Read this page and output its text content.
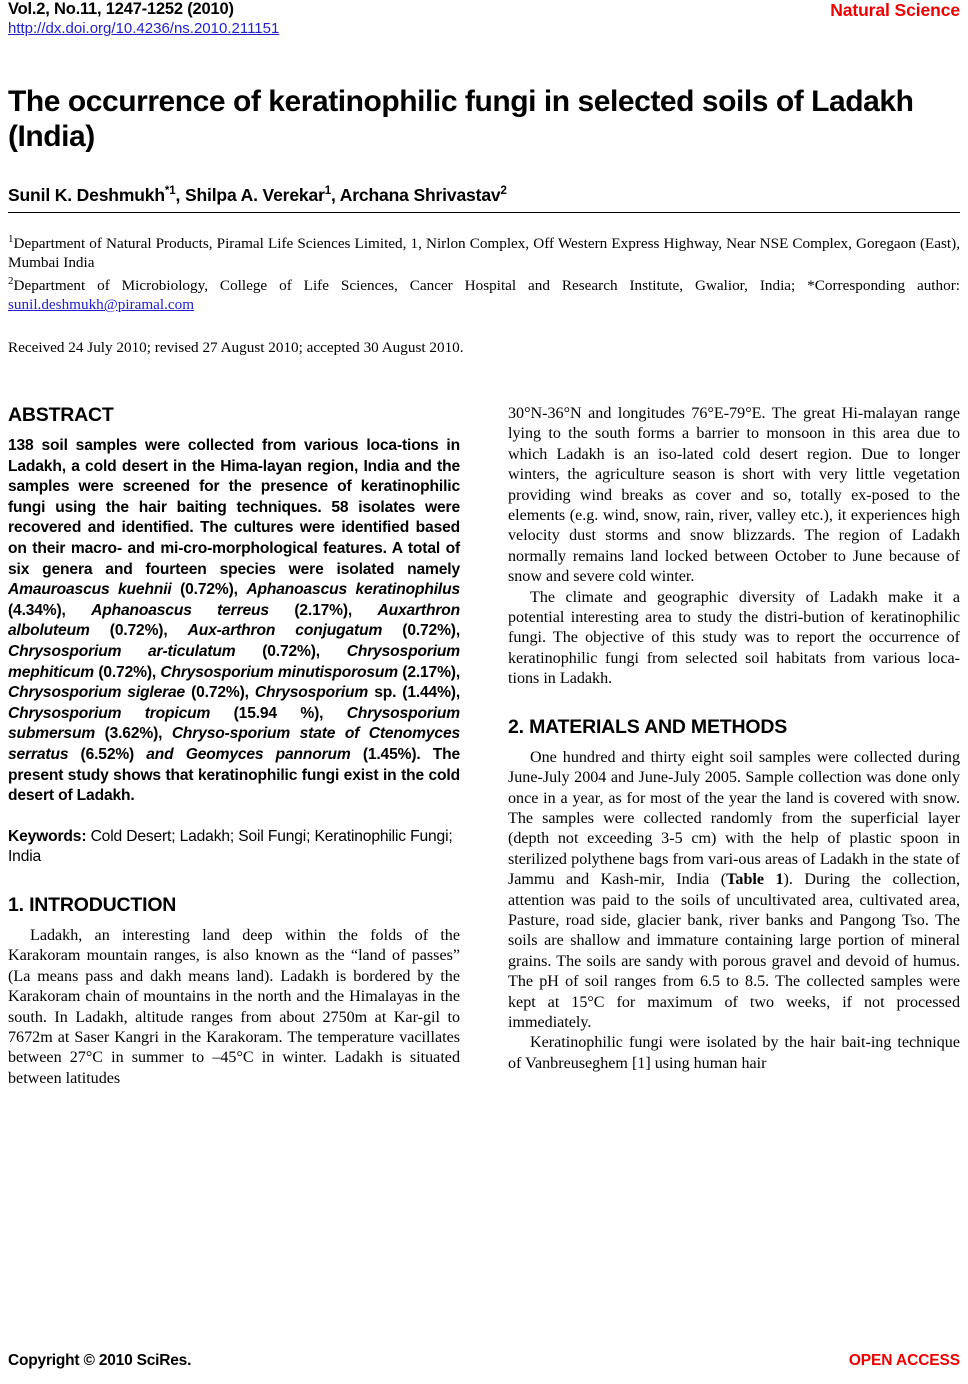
Vol.2, No.11, 1247-1252 (2010)
http://dx.doi.org/10.4236/ns.2010.211151
Natural Science
The occurrence of keratinophilic fungi in selected soils of Ladakh (India)

Sunil K. Deshmukh$^{*1}$, Shilpa A. Verekar$^1$, Archana Shrivastav$^2$

$^1$Department of Natural Products, Piramal Life Sciences Limited, 1, Nirlon Complex, Off Western Express Highway, Near NSE Complex, Goregaon (East), Mumbai India

$^2$Department of Microbiology, College of Life Sciences, Cancer Hospital and Research Institute, Gwalior, India; *Corresponding author: sunil.deshmukh@piramal.com

Received 24 July 2010; revised 27 August 2010; accepted 30 August 2010.
ABSTRACT

138 soil samples were collected from various loca-tions in Ladakh, a cold desert in the Hima-layan region, India and the samples were screened for the presence of keratinophilic fungi using the hair baiting techniques. 58 isolates were recovered and identified. The cultures were identified based on their macro- and mi-cro-morphological features. A total of six genera and fourteen species were isolated namely Amauroascus kuehnii (0.72%), Aphanoascus keratinophilus (4.34%), Aphanoascus terreus (2.17%), Auxarthron alboluteum (0.72%), Aux-arthron conjugatum (0.72%), Chrysosporium ar-ticulatum (0.72%), Chrysosporium mephiticum (0.72%), Chrysosporium minutisporosum (2.17%), Chrysosporium siglerae (0.72%), Chrysosporium sp. (1.44%), Chrysosporium tropicum (15.94 %), Chrysosporium submersum (3.62%), Chryso-sporium state of Ctenomyces serratus (6.52%) and Geomyces pannorum (1.45%). The present study shows that keratinophilic fungi exist in the cold desert of Ladakh.

Keywords: Cold Desert; Ladakh; Soil Fungi; Keratinophilic Fungi; India

1. INTRODUCTION

Ladakh, an interesting land deep within the folds of the Karakoram mountain ranges, is also known as the “land of passes” (La means pass and dakh means land). Ladakh is bordered by the Karakoram chain of mountains in the north and the Himalayas in the south. In Ladakh, altitude ranges from about 2750m at Kar-gil to 7672m at Saser Kangri in the Karakoram. The temperature vacillates between 27°C in summer to –45°C in winter. Ladakh is situated between latitudes

30°N-36°N and longitudes 76°E-79°E. The great Hi-malayan range lying to the south forms a barrier to monsoon in this area due to which Ladakh is an iso-lated cold desert region. Due to longer winters, the agriculture season is short with very little vegetation providing wind breaks as cover and so, totally ex-posed to the elements (e.g. wind, snow, rain, river, valley etc.), it experiences high velocity dust storms and snow blizzards. The region of Ladakh normally remains land locked between October to June because of snow and severe cold winter.

The climate and geographic diversity of Ladakh make it a potential interesting area to study the distri-bution of keratinophilic fungi. The objective of this study was to report the occurrence of keratinophilic fungi from selected soil habitats from various loca-tions in Ladakh.

2. MATERIALS AND METHODS

One hundred and thirty eight soil samples were collected during June-July 2004 and June-July 2005. Sample collection was done only once in a year, as for most of the year the land is covered with snow. The samples were collected randomly from the superficial layer (depth not exceeding 3-5 cm) with the help of plastic spoon in sterilized polythene bags from vari-ous areas of Ladakh in the state of Jammu and Kash-mir, India (Table 1). During the collection, attention was paid to the soils of uncultivated area, cultivated area, Pasture, road side, glacier bank, river banks and Pangong Tso. The soils are shallow and immature containing large portion of mineral grains. The soils are sandy with porous gravel and devoid of humus. The pH of soil ranges from 6.5 to 8.5. The collected samples were kept at 15°C for maximum of two weeks, if not processed immediately.

Keratinophilic fungi were isolated by the hair bait-ing technique of Vanbreuseghem [1] using human hair

Copyright © 2010 SciRes.	OPEN ACCESS
